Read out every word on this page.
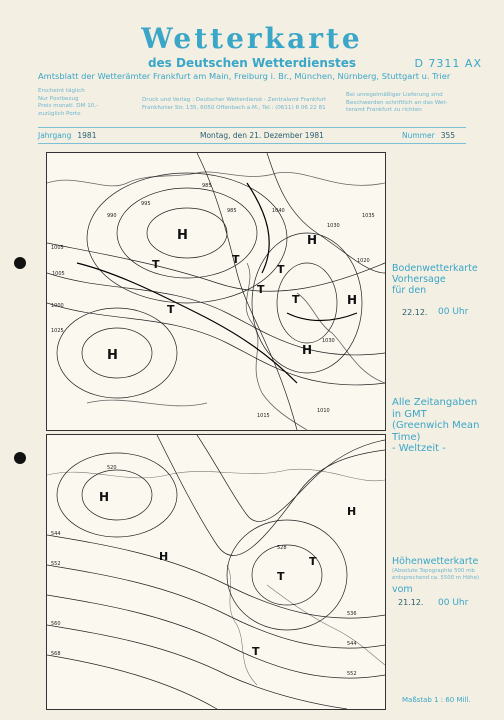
Wetterkarte
des Deutschen Wetterdienstes	D 7311 AX
Amtsblatt der Wetterämter Frankfurt am Main, Freiburg i. Br., München, Nürnberg, Stuttgart u. Trier
Erscheint täglich
Nur Postbezug
Preis monatl. DM 10,-
zuzüglich Porto
Druck und Verlag : Deutscher Wetterdienst - Zentralamt Frankfurt
Frankfurter Str. 135, 6050 Offenbach a.M., Tel.: (0611) 8 06 22 81
Bei unregelmäßiger Lieferung sind
Beschwerden schriftlich an das Wet-
teramt Frankfurt zu richten
Jahrgang 1981	Montag, den 21. Dezember 1981	Nummer 355
H
T	T
T
H
T
H	H
T	H
T
995
1005
985
990
1000
1005
1025
1030
1020
985
1040
1015
1010
1035
1030
H
T
T
H
T
H
544
552
520
528
536
544
552
560
568
Bodenwetterkarte
Vorhersage
für den
22.12. 00 Uhr
Alle Zeitangaben
in GMT
(Greenwich Mean
Time)
- Weltzeit -
Höhenwetterkarte
(Absolute Topographie 500 mb
entsprechend ca. 5500 m Höhe)
vom
21.12. 00 Uhr
Maßstab 1 : 60 Mill.
